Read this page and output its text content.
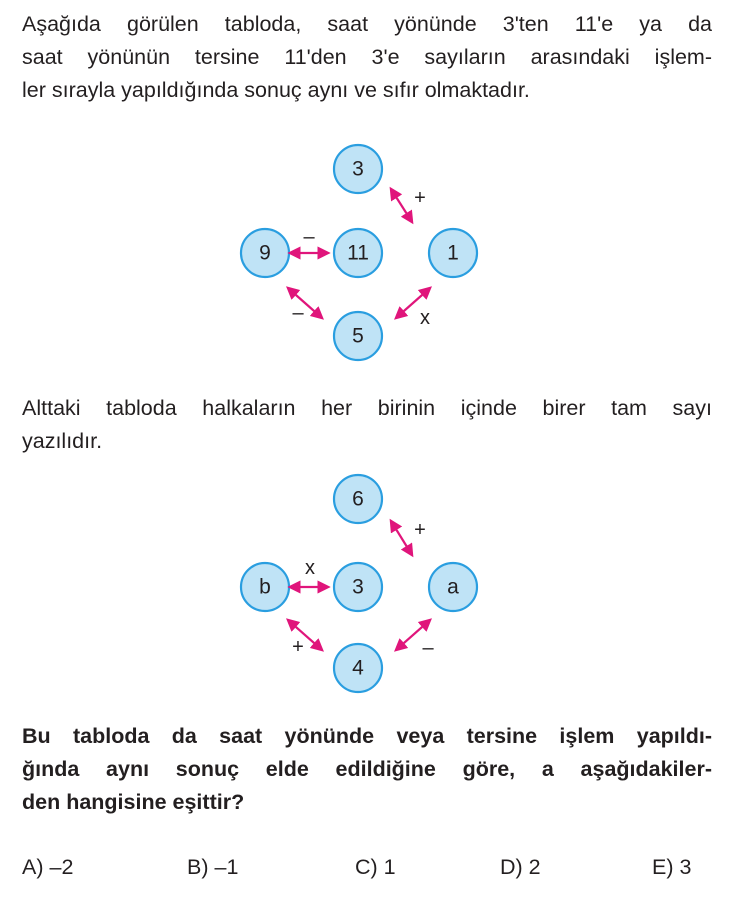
Aşağıda görülen tabloda, saat yönünde 3'ten 11'e ya da
saat yönünün tersine 11'den 3'e sayıların arasındaki işlem-
ler sırayla yapıldığında sonuç aynı ve sıfır olmaktadır.

3
9	11	1
5
+
–
–	x

Alttaki tabloda halkaların her birinin içinde birer tam sayı
yazılıdır.

6
b	3	a
4
+
x
+	–

Bu tabloda da saat yönünde veya tersine işlem yapıldı-
ğında aynı sonuç elde edildiğine göre, a aşağıdakiler-
den hangisine eşittir?

A) –2	B) –1	C) 1	D) 2	E) 3
